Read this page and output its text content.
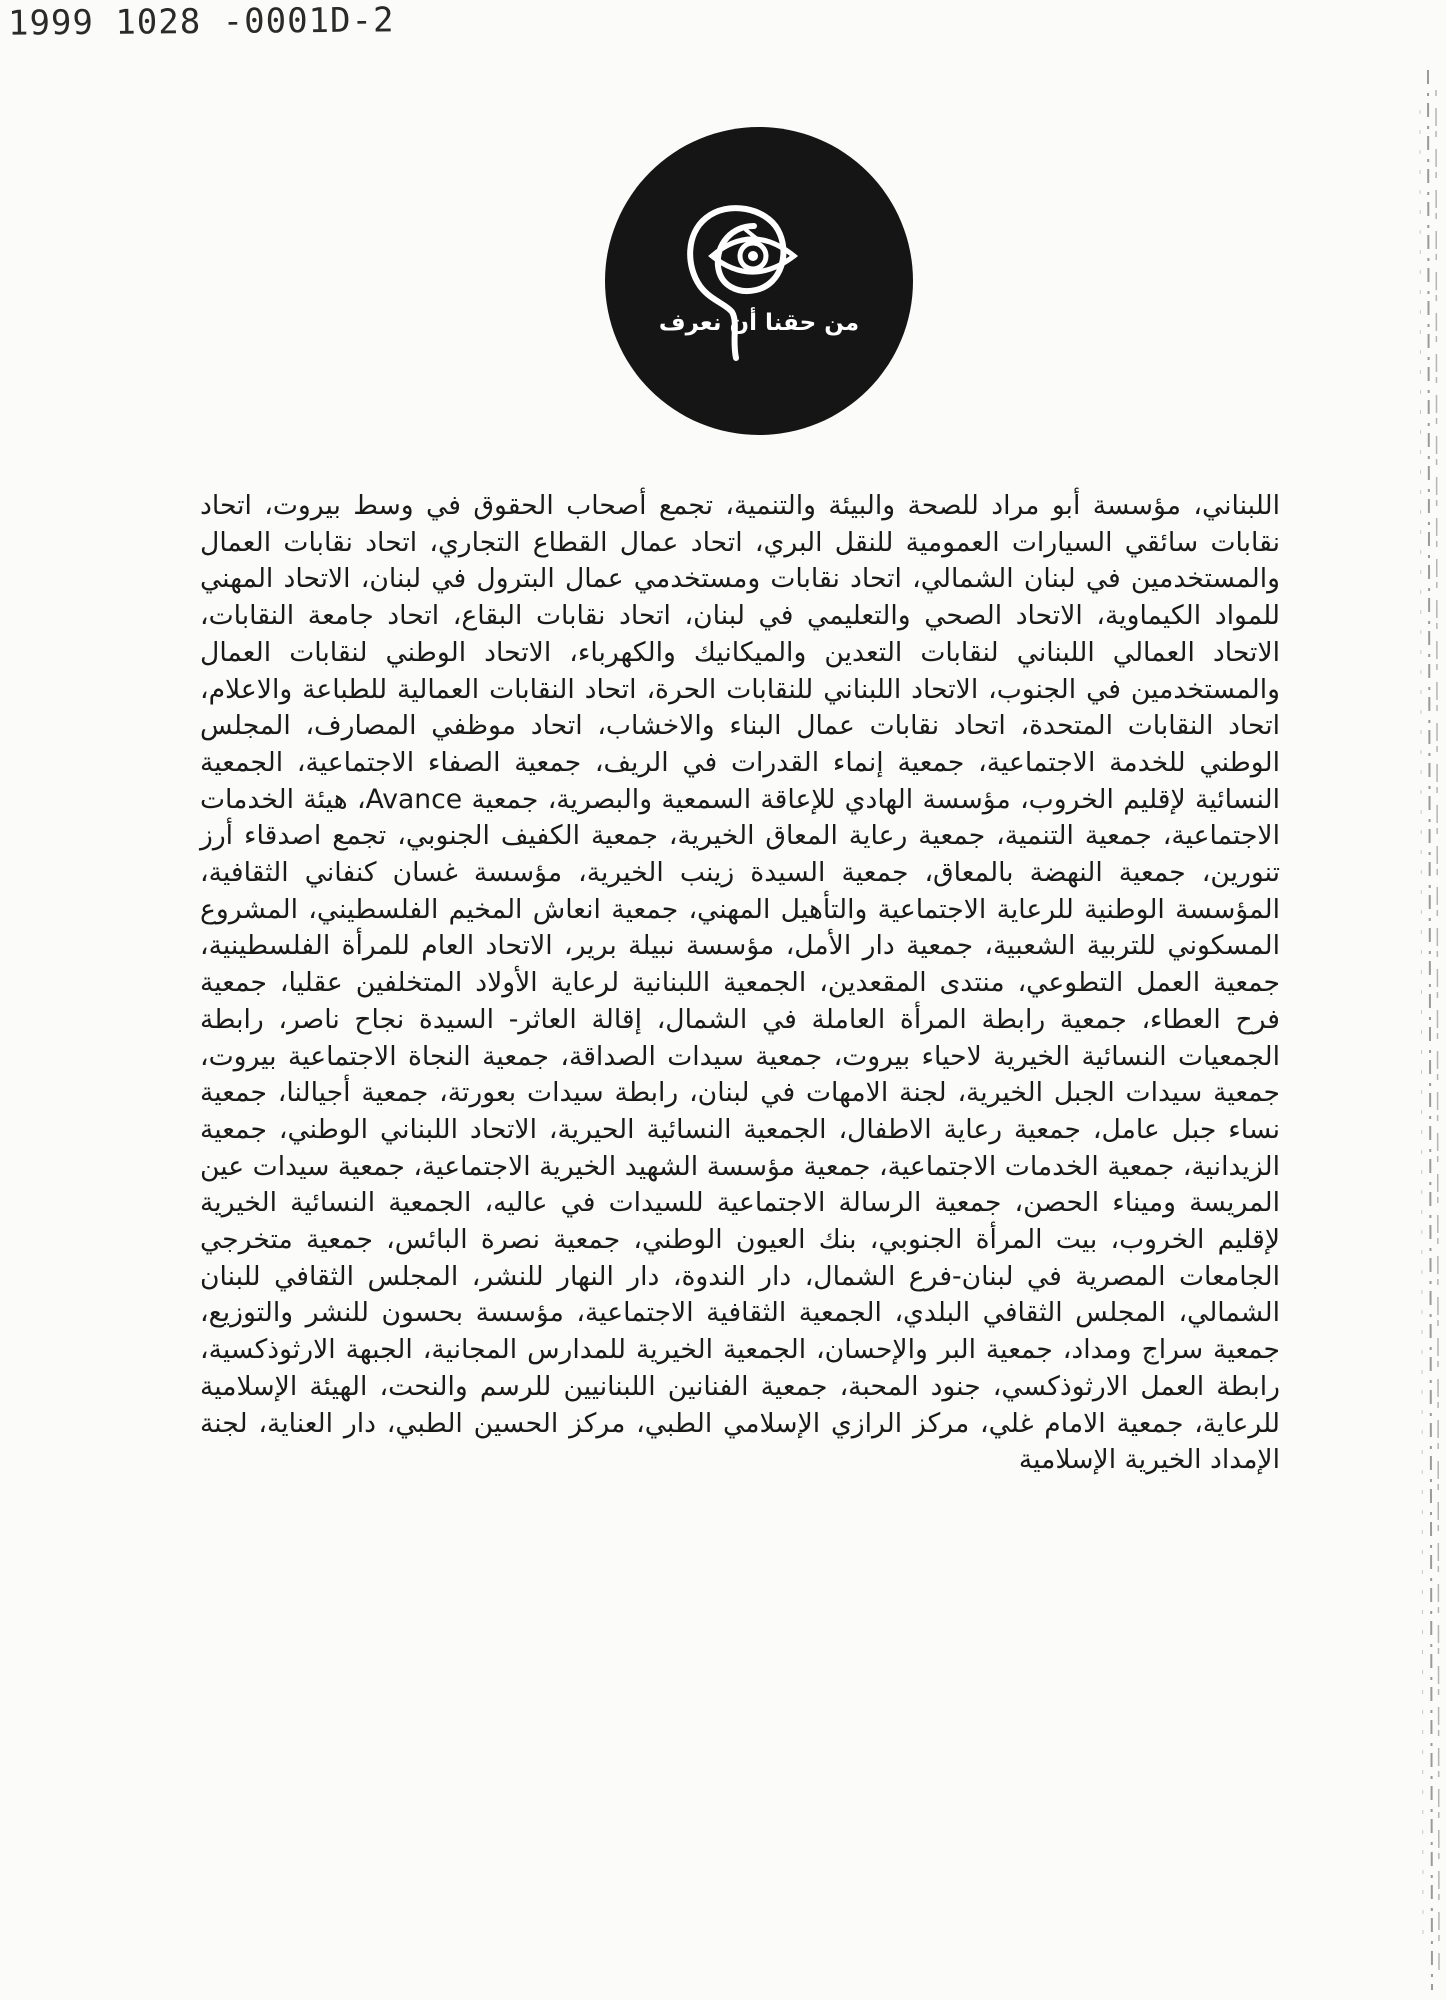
1999 1028 -0001D-2
من حقنا أن نعرف

اللبناني، مؤسسة أبو مراد للصحة والبيئة والتنمية، تجمع أصحاب الحقوق في وسط بيروت، اتحاد نقابات سائقي السيارات العمومية للنقل البري، اتحاد عمال القطاع التجاري، اتحاد نقابات العمال والمستخدمين في لبنان الشمالي، اتحاد نقابات ومستخدمي عمال البترول في لبنان، الاتحاد المهني للمواد الكيماوية، الاتحاد الصحي والتعليمي في لبنان، اتحاد نقابات البقاع، اتحاد جامعة النقابات، الاتحاد العمالي اللبناني لنقابات التعدين والميكانيك والكهرباء، الاتحاد الوطني لنقابات العمال والمستخدمين في الجنوب، الاتحاد اللبناني للنقابات الحرة، اتحاد النقابات العمالية للطباعة والاعلام، اتحاد النقابات المتحدة، اتحاد نقابات عمال البناء والاخشاب، اتحاد موظفي المصارف، المجلس الوطني للخدمة الاجتماعية، جمعية إنماء القدرات في الريف، جمعية الصفاء الاجتماعية، الجمعية النسائية لإقليم الخروب، مؤسسة الهادي للإعاقة السمعية والبصرية، جمعية Avance، هيئة الخدمات الاجتماعية، جمعية التنمية، جمعية رعاية المعاق الخيرية، جمعية الكفيف الجنوبي، تجمع اصدقاء أرز تنورين، جمعية النهضة بالمعاق، جمعية السيدة زينب الخيرية، مؤسسة غسان كنفاني الثقافية، المؤسسة الوطنية للرعاية الاجتماعية والتأهيل المهني، جمعية انعاش المخيم الفلسطيني، المشروع المسكوني للتربية الشعبية، جمعية دار الأمل، مؤسسة نبيلة برير، الاتحاد العام للمرأة الفلسطينية، جمعية العمل التطوعي، منتدى المقعدين، الجمعية اللبنانية لرعاية الأولاد المتخلفين عقليا، جمعية فرح العطاء، جمعية رابطة المرأة العاملة في الشمال، إقالة العاثر- السيدة نجاح ناصر، رابطة الجمعيات النسائية الخيرية لاحياء بيروت، جمعية سيدات الصداقة، جمعية النجاة الاجتماعية بيروت، جمعية سيدات الجبل الخيرية، لجنة الامهات في لبنان، رابطة سيدات بعورتة، جمعية أجيالنا، جمعية نساء جبل عامل، جمعية رعاية الاطفال، الجمعية النسائية الحيرية، الاتحاد اللبناني الوطني، جمعية الزيدانية، جمعية الخدمات الاجتماعية، جمعية مؤسسة الشهيد الخيرية الاجتماعية، جمعية سيدات عين المريسة وميناء الحصن، جمعية الرسالة الاجتماعية للسيدات في عاليه، الجمعية النسائية الخيرية لإقليم الخروب، بيت المرأة الجنوبي، بنك العيون الوطني، جمعية نصرة البائس، جمعية متخرجي الجامعات المصرية في لبنان-فرع الشمال، دار الندوة، دار النهار للنشر، المجلس الثقافي للبنان الشمالي، المجلس الثقافي البلدي، الجمعية الثقافية الاجتماعية، مؤسسة بحسون للنشر والتوزيع، جمعية سراج ومداد، جمعية البر والإحسان، الجمعية الخيرية للمدارس المجانية، الجبهة الارثوذكسية، رابطة العمل الارثوذكسي، جنود المحبة، جمعية الفنانين اللبنانيين للرسم والنحت، الهيئة الإسلامية للرعاية، جمعية الامام غلي، مركز الرازي الإسلامي الطبي، مركز الحسين الطبي، دار العناية، لجنة الإمداد الخيرية الإسلامية
